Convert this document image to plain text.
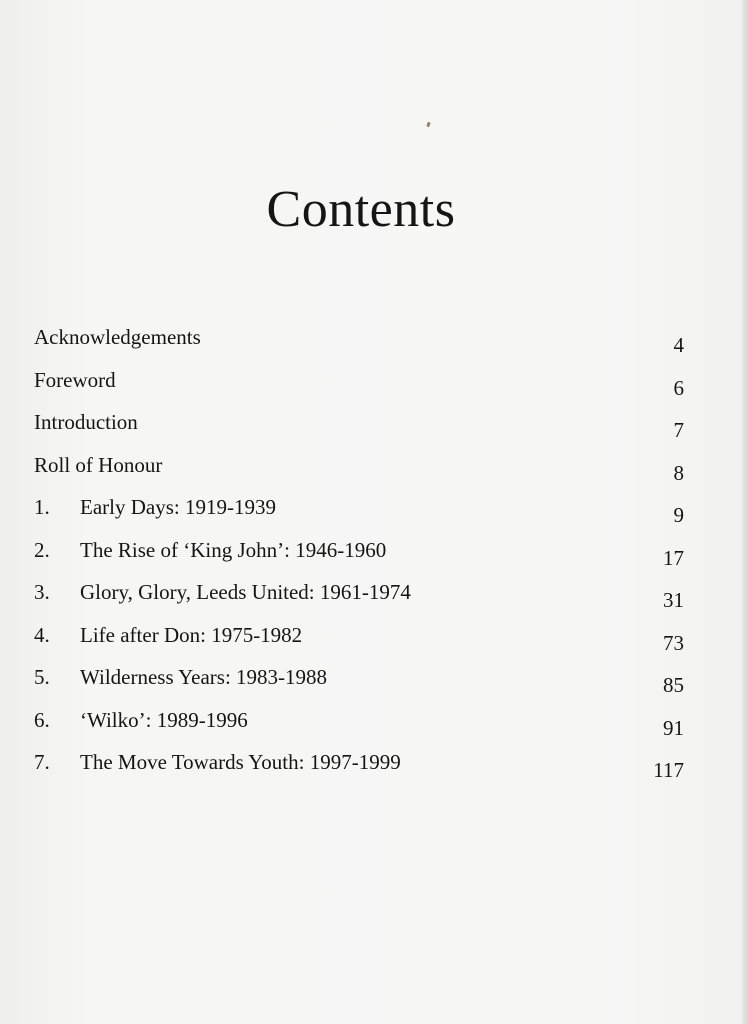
Contents
Acknowledgements	4
Foreword	6
Introduction	7
Roll of Honour	8
1. Early Days: 1919-1939	9
2. The Rise of ‘King John’: 1946-1960	17
3. Glory, Glory, Leeds United: 1961-1974	31
4. Life after Don: 1975-1982	73
5. Wilderness Years: 1983-1988	85
6. ‘Wilko’: 1989-1996	91
7. The Move Towards Youth: 1997-1999	117
